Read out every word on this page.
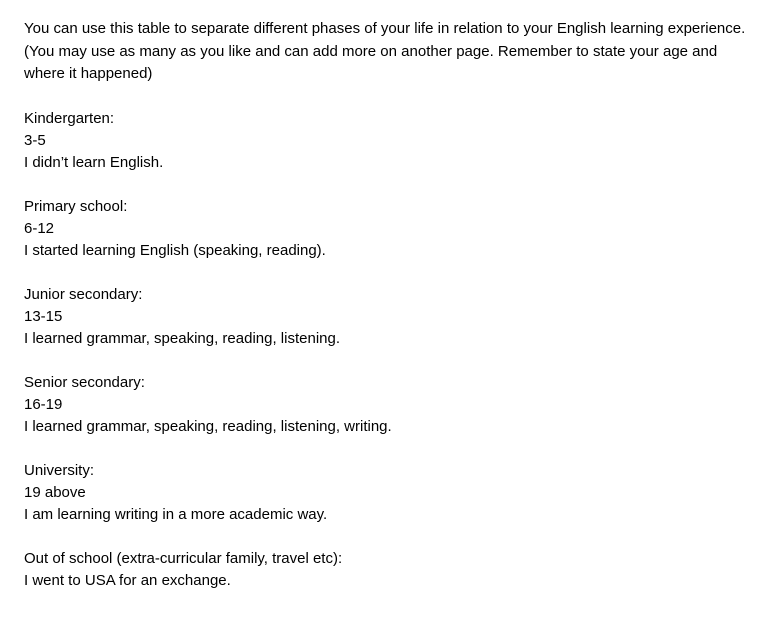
You can use this table to separate different phases of your life in relation to your English learning experience. (You may use as many as you like and can add more on another page. Remember to state your age and where it happened)

Kindergarten:
3-5
I didn’t learn English.
Primary school:
6-12
I started learning English (speaking, reading).
Junior secondary:
13-15
I learned grammar, speaking, reading, listening.
Senior secondary:
16-19
I learned grammar, speaking, reading, listening, writing.
University:
19 above
I am learning writing in a more academic way.
Out of school (extra-curricular family, travel etc):
I went to USA for an exchange.
